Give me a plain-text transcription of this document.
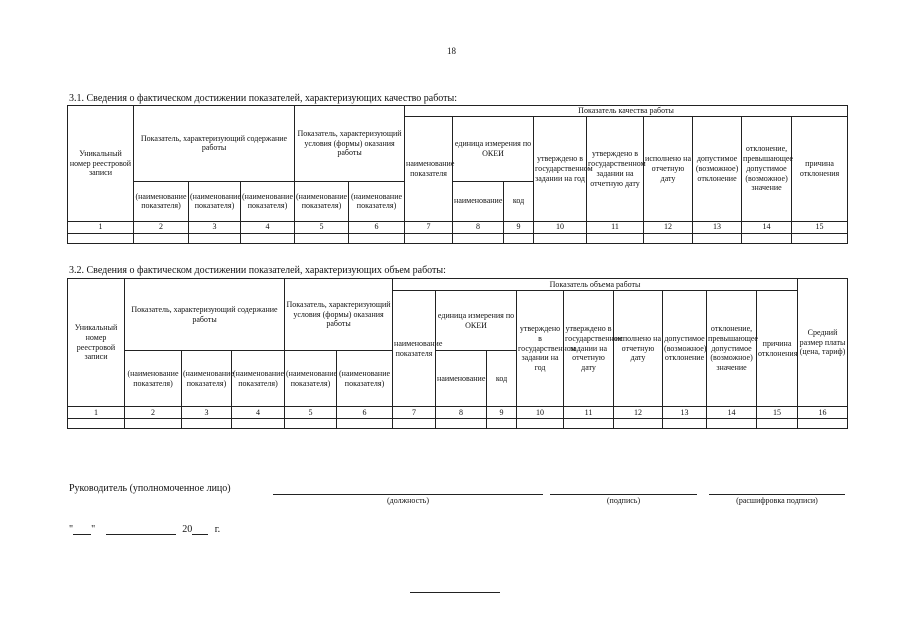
18
3.1. Сведения о фактическом достижении показателей, характеризующих качество работы:
Уникальный номер реестровой записи	Показатель, характеризующий содержание работы			Показатель, характеризующий условия (формы) оказания работы		Показатель качества работы								
						наименование показателя	единица измерения по ОКЕИ		утверждено в государственном задании на год	утверждено в государственном задании на отчетную дату	исполнено на отчетную дату	допустимое (возможное) отклонение	отклонение, превышающее допустимое (возможное) значение	причина отклонения
	(наименование показателя)	(наименование показателя)	(наименование показателя)	(наименование показателя)	(наименование показателя)		наименование	код						
1	2	3	4	5	6	7	8	9	10	11	12	13	14	15

3.2. Сведения о фактическом достижении показателей, характеризующих объем работы:
Уникальный номер реестровой записи	Показатель, характеризующий содержание работы			Показатель, характеризующий условия (формы) оказания работы		Показатель объема работы									Средний размер платы (цена, тариф)
						наименование показателя	единица измерения по ОКЕИ		утверждено в государственном задании на год	утверждено в государственном задании на отчетную дату	исполнено на отчетную дату	допустимое (возможное) отклонение	отклонение, превышающее допустимое (возможное) значение	причина отклонения	
	(наименование показателя)	(наименование показателя)	(наименование показателя)	(наименование показателя)	(наименование показателя)		наименование	код							
1	2	3	4	5	6	7	8	9	10	11	12	13	14	15	16

Руководитель (уполномоченное лицо)
(должность)	(подпись)	(расшифровка подписи)
" "	20 г.
